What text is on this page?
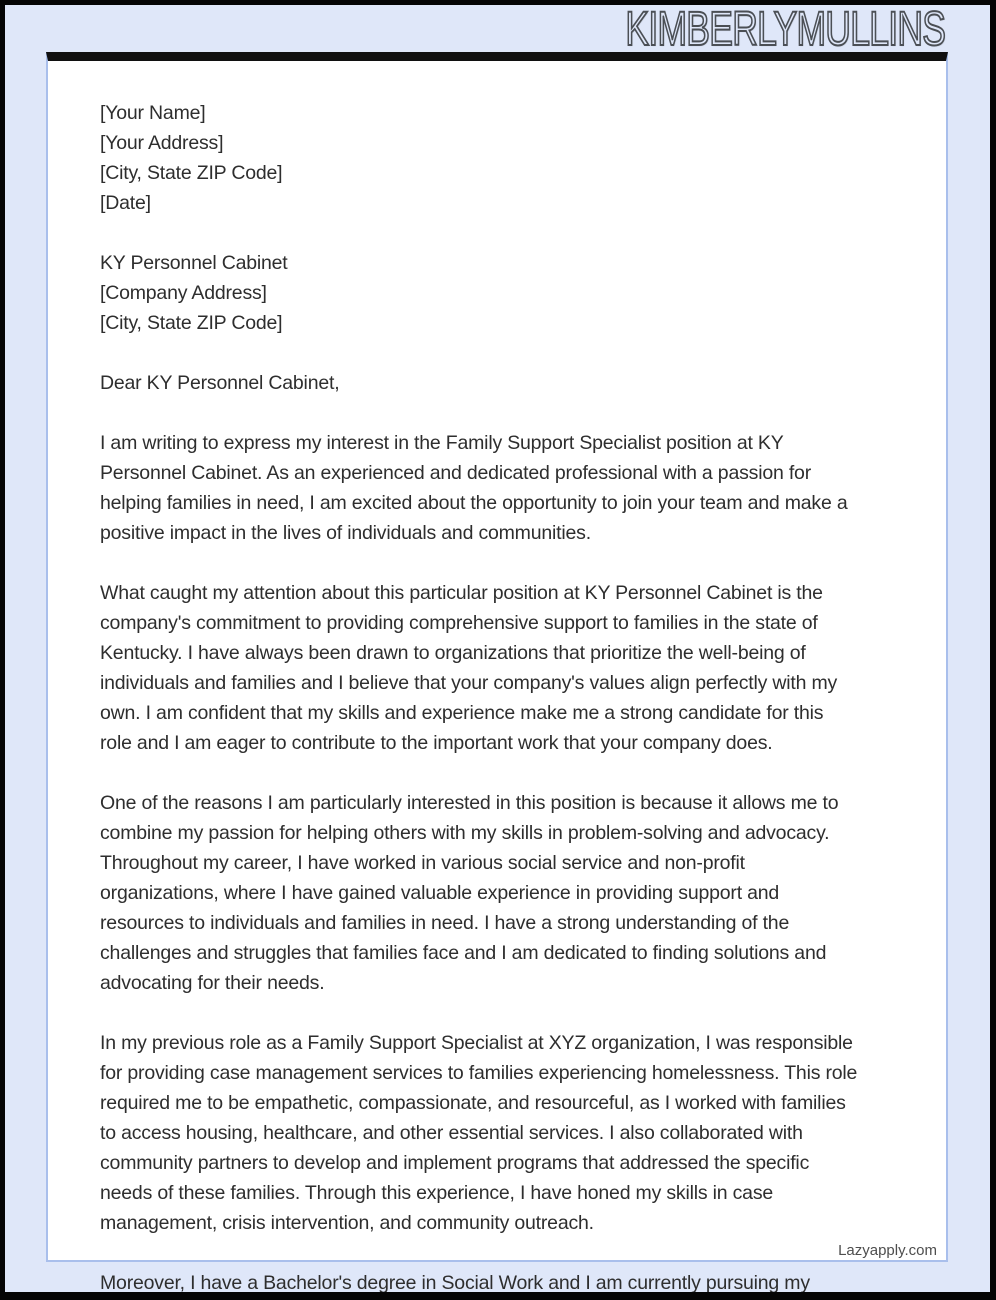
KIMBERLYMULLINS
[Your Name]
[Your Address]
[City, State ZIP Code]
[Date]
KY Personnel Cabinet
[Company Address]
[City, State ZIP Code]
Dear KY Personnel Cabinet,
I am writing to express my interest in the Family Support Specialist position at KY
Personnel Cabinet. As an experienced and dedicated professional with a passion for
helping families in need, I am excited about the opportunity to join your team and make a
positive impact in the lives of individuals and communities.
What caught my attention about this particular position at KY Personnel Cabinet is the
company's commitment to providing comprehensive support to families in the state of
Kentucky. I have always been drawn to organizations that prioritize the well-being of
individuals and families and I believe that your company's values align perfectly with my
own. I am confident that my skills and experience make me a strong candidate for this
role and I am eager to contribute to the important work that your company does.
One of the reasons I am particularly interested in this position is because it allows me to
combine my passion for helping others with my skills in problem-solving and advocacy.
Throughout my career, I have worked in various social service and non-profit
organizations, where I have gained valuable experience in providing support and
resources to individuals and families in need. I have a strong understanding of the
challenges and struggles that families face and I am dedicated to finding solutions and
advocating for their needs.
In my previous role as a Family Support Specialist at XYZ organization, I was responsible
for providing case management services to families experiencing homelessness. This role
required me to be empathetic, compassionate, and resourceful, as I worked with families
to access housing, healthcare, and other essential services. I also collaborated with
community partners to develop and implement programs that addressed the specific
needs of these families. Through this experience, I have honed my skills in case
management, crisis intervention, and community outreach.
Moreover, I have a Bachelor's degree in Social Work and I am currently pursuing my
Lazyapply.com
